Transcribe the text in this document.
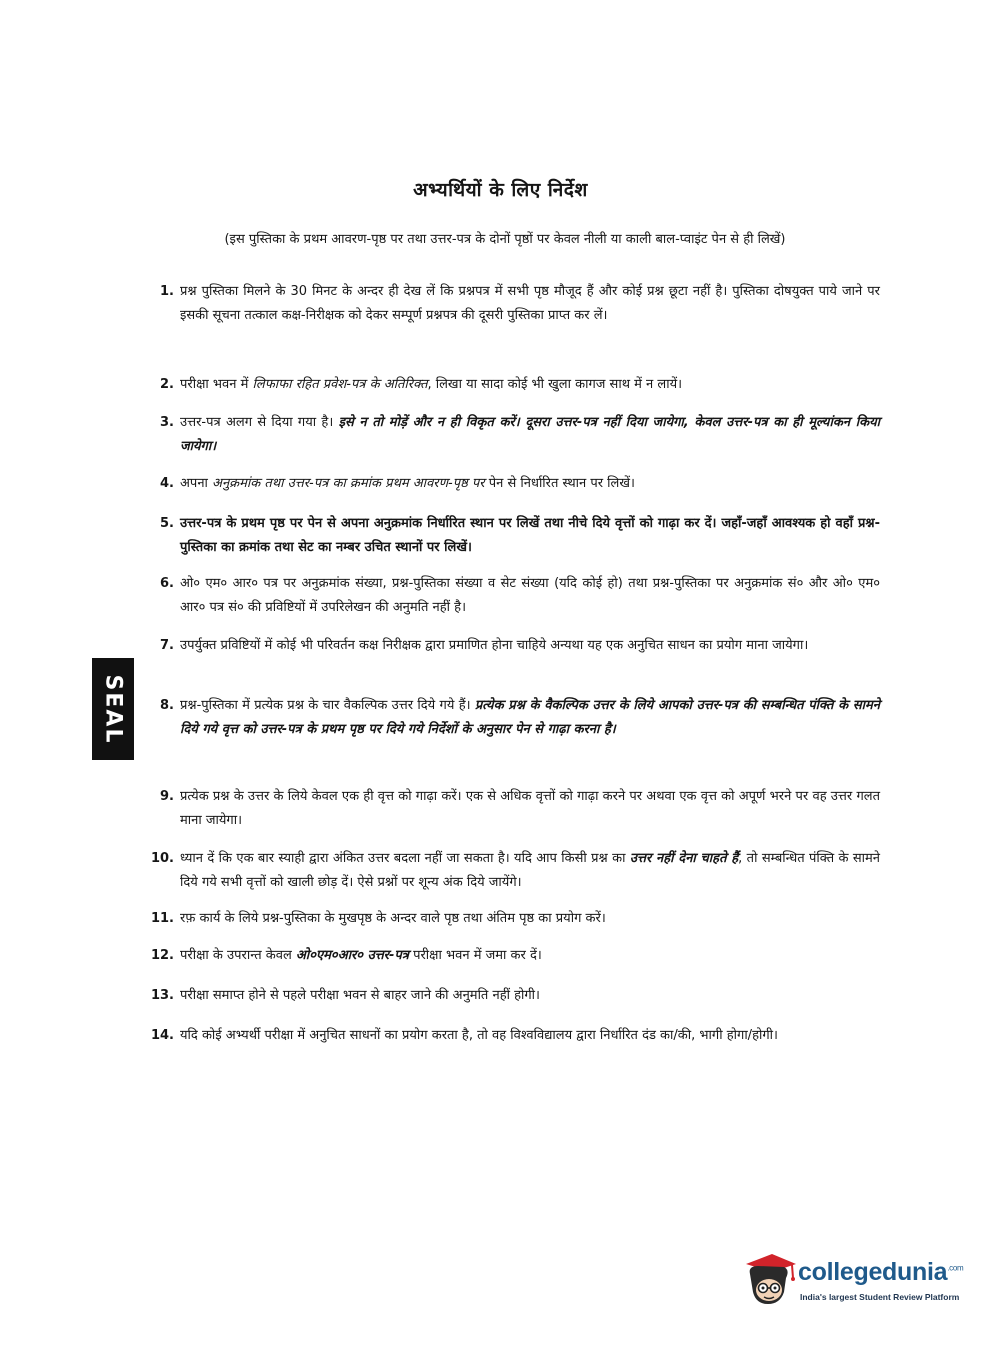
अभ्यर्थियों के लिए निर्देश
(इस पुस्तिका के प्रथम आवरण-पृष्ठ पर तथा उत्तर-पत्र के दोनों पृष्ठों पर केवल नीली या काली बाल-प्वाइंट पेन से ही लिखें)
1. प्रश्न पुस्तिका मिलने के 30 मिनट के अन्दर ही देख लें कि प्रश्नपत्र में सभी पृष्ठ मौजूद हैं और कोई प्रश्न छूटा नहीं है। पुस्तिका दोषयुक्त पाये जाने पर इसकी सूचना तत्काल कक्ष-निरीक्षक को देकर सम्पूर्ण प्रश्नपत्र की दूसरी पुस्तिका प्राप्त कर लें।
2. परीक्षा भवन में लिफाफा रहित प्रवेश-पत्र के अतिरिक्त, लिखा या सादा कोई भी खुला कागज साथ में न लायें।
3. उत्तर-पत्र अलग से दिया गया है। इसे न तो मोड़ें और न ही विकृत करें। दूसरा उत्तर-पत्र नहीं दिया जायेगा, केवल उत्तर-पत्र का ही मूल्यांकन किया जायेगा।
4. अपना अनुक्रमांक तथा उत्तर-पत्र का क्रमांक प्रथम आवरण-पृष्ठ पर पेन से निर्धारित स्थान पर लिखें।
5. उत्तर-पत्र के प्रथम पृष्ठ पर पेन से अपना अनुक्रमांक निर्धारित स्थान पर लिखें तथा नीचे दिये वृत्तों को गाढ़ा कर दें। जहाँ-जहाँ आवश्यक हो वहाँ प्रश्न-पुस्तिका का क्रमांक तथा सेट का नम्बर उचित स्थानों पर लिखें।
6. ओ० एम० आर० पत्र पर अनुक्रमांक संख्या, प्रश्न-पुस्तिका संख्या व सेट संख्या (यदि कोई हो) तथा प्रश्न-पुस्तिका पर अनुक्रमांक सं० और ओ० एम० आर० पत्र सं० की प्रविष्टियों में उपरिलेखन की अनुमति नहीं है।
7. उपर्युक्त प्रविष्टियों में कोई भी परिवर्तन कक्ष निरीक्षक द्वारा प्रमाणित होना चाहिये अन्यथा यह एक अनुचित साधन का प्रयोग माना जायेगा।
8. प्रश्न-पुस्तिका में प्रत्येक प्रश्न के चार वैकल्पिक उत्तर दिये गये हैं। प्रत्येक प्रश्न के वैकल्पिक उत्तर के लिये आपको उत्तर-पत्र की सम्बन्धित पंक्ति के सामने दिये गये वृत्त को उत्तर-पत्र के प्रथम पृष्ठ पर दिये गये निर्देशों के अनुसार पेन से गाढ़ा करना है।
9. प्रत्येक प्रश्न के उत्तर के लिये केवल एक ही वृत्त को गाढ़ा करें। एक से अधिक वृत्तों को गाढ़ा करने पर अथवा एक वृत्त को अपूर्ण भरने पर वह उत्तर गलत माना जायेगा।
10. ध्यान दें कि एक बार स्याही द्वारा अंकित उत्तर बदला नहीं जा सकता है। यदि आप किसी प्रश्न का उत्तर नहीं देना चाहते हैं, तो सम्बन्धित पंक्ति के सामने दिये गये सभी वृत्तों को खाली छोड़ दें। ऐसे प्रश्नों पर शून्य अंक दिये जायेंगे।
11. रफ़ कार्य के लिये प्रश्न-पुस्तिका के मुखपृष्ठ के अन्दर वाले पृष्ठ तथा अंतिम पृष्ठ का प्रयोग करें।
12. परीक्षा के उपरान्त केवल ओ०एम०आर० उत्तर-पत्र परीक्षा भवन में जमा कर दें।
13. परीक्षा समाप्त होने से पहले परीक्षा भवन से बाहर जाने की अनुमति नहीं होगी।
14. यदि कोई अभ्यर्थी परीक्षा में अनुचित साधनों का प्रयोग करता है, तो वह विश्वविद्यालय द्वारा निर्धारित दंड का/की, भागी होगा/होगी।
SEAL
collegedunia$^{.com}$
India's largest Student Review Platform
